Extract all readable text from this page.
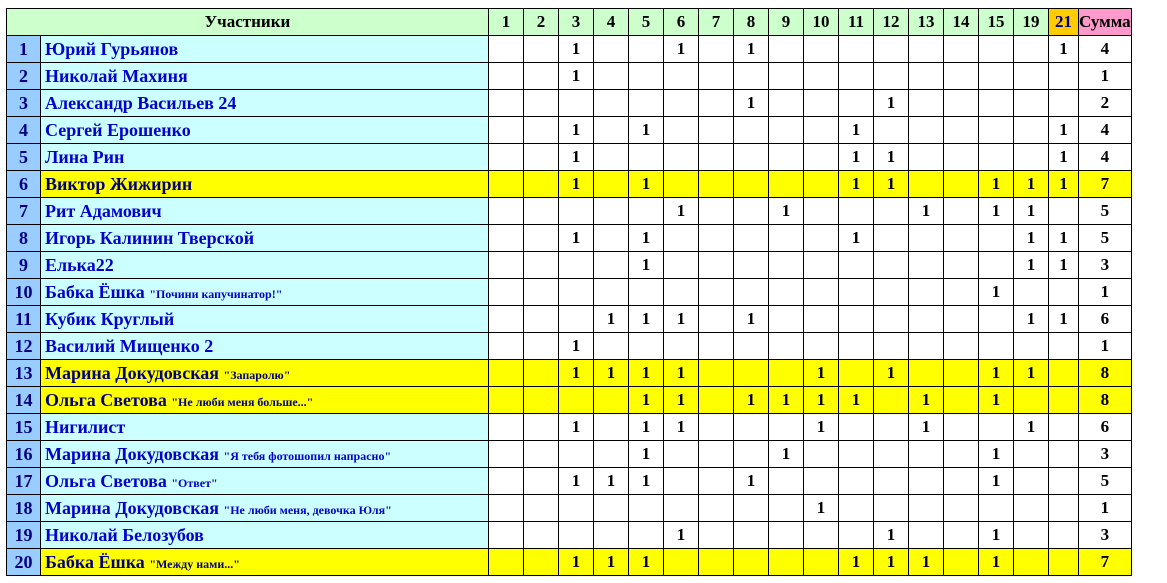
Участники		1	2	3	4	5	6	7	8	9	10	11	12	13	14	15	19	21	Сумма
1	Юрий Гурьянов			1			1		1									1	4
2	Николай Махиня			1															1
3	Александр Васильев 24								1				1						2
4	Сергей Ерошенко			1		1						1						1	4
5	Лина Рин			1								1	1					1	4
6	Виктор Жижирин			1		1						1	1			1	1	1	7
7	Рит Адамович						1			1				1		1	1		5
8	Игорь Калинин Тверской			1		1						1					1	1	5
9	Елька22					1											1	1	3
10	Бабка Ёшка "Почини капучинатор!"															1			1
11	Кубик Круглый				1	1	1		1								1	1	6
12	Василий Мищенко 2			1															1
13	Марина Докудовская "Запаролю"			1	1	1	1				1		1			1	1		8
14	Ольга Светова "Не люби меня больше..."					1	1		1	1	1	1		1		1			8
15	Нигилист			1		1	1				1			1			1		6
16	Марина Докудовская "Я тебя фотошопил напрасно"					1				1						1			3
17	Ольга Светова "Ответ"			1	1	1			1							1			5
18	Марина Докудовская "Не люби меня, девочка Юля"										1								1
19	Николай Белозубов						1						1			1			3
20	Бабка Ёшка "Между нами..."			1	1	1						1	1	1		1			7
